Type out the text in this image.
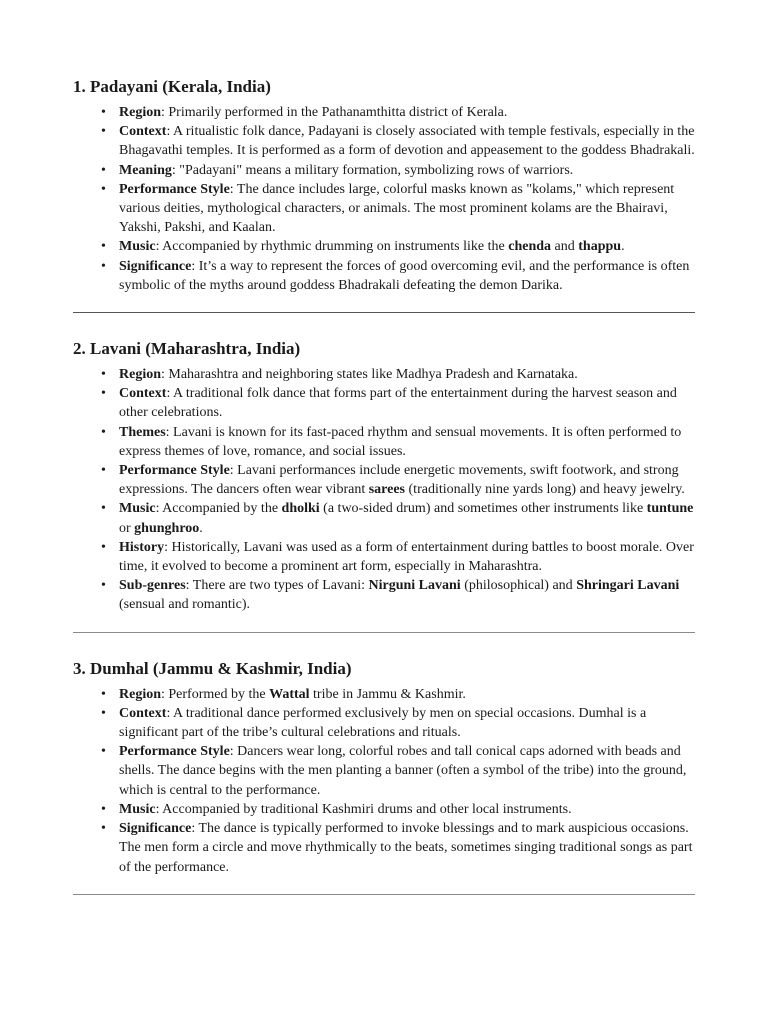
1. Padayani (Kerala, India)
• Region: Primarily performed in the Pathanamthitta district of Kerala.
• Context: A ritualistic folk dance, Padayani is closely associated with temple festivals, especially in the Bhagavathi temples. It is performed as a form of devotion and appeasement to the goddess Bhadrakali.
• Meaning: "Padayani" means a military formation, symbolizing rows of warriors.
• Performance Style: The dance includes large, colorful masks known as "kolams," which represent various deities, mythological characters, or animals. The most prominent kolams are the Bhairavi, Yakshi, Pakshi, and Kaalan.
• Music: Accompanied by rhythmic drumming on instruments like the chenda and thappu.
• Significance: It’s a way to represent the forces of good overcoming evil, and the performance is often symbolic of the myths around goddess Bhadrakali defeating the demon Darika.
2. Lavani (Maharashtra, India)
• Region: Maharashtra and neighboring states like Madhya Pradesh and Karnataka.
• Context: A traditional folk dance that forms part of the entertainment during the harvest season and other celebrations.
• Themes: Lavani is known for its fast-paced rhythm and sensual movements. It is often performed to express themes of love, romance, and social issues.
• Performance Style: Lavani performances include energetic movements, swift footwork, and strong expressions. The dancers often wear vibrant sarees (traditionally nine yards long) and heavy jewelry.
• Music: Accompanied by the dholki (a two-sided drum) and sometimes other instruments like tuntune or ghunghroo.
• History: Historically, Lavani was used as a form of entertainment during battles to boost morale. Over time, it evolved to become a prominent art form, especially in Maharashtra.
• Sub-genres: There are two types of Lavani: Nirguni Lavani (philosophical) and Shringari Lavani (sensual and romantic).
3. Dumhal (Jammu & Kashmir, India)
• Region: Performed by the Wattal tribe in Jammu & Kashmir.
• Context: A traditional dance performed exclusively by men on special occasions. Dumhal is a significant part of the tribe’s cultural celebrations and rituals.
• Performance Style: Dancers wear long, colorful robes and tall conical caps adorned with beads and shells. The dance begins with the men planting a banner (often a symbol of the tribe) into the ground, which is central to the performance.
• Music: Accompanied by traditional Kashmiri drums and other local instruments.
• Significance: The dance is typically performed to invoke blessings and to mark auspicious occasions. The men form a circle and move rhythmically to the beats, sometimes singing traditional songs as part of the performance.
